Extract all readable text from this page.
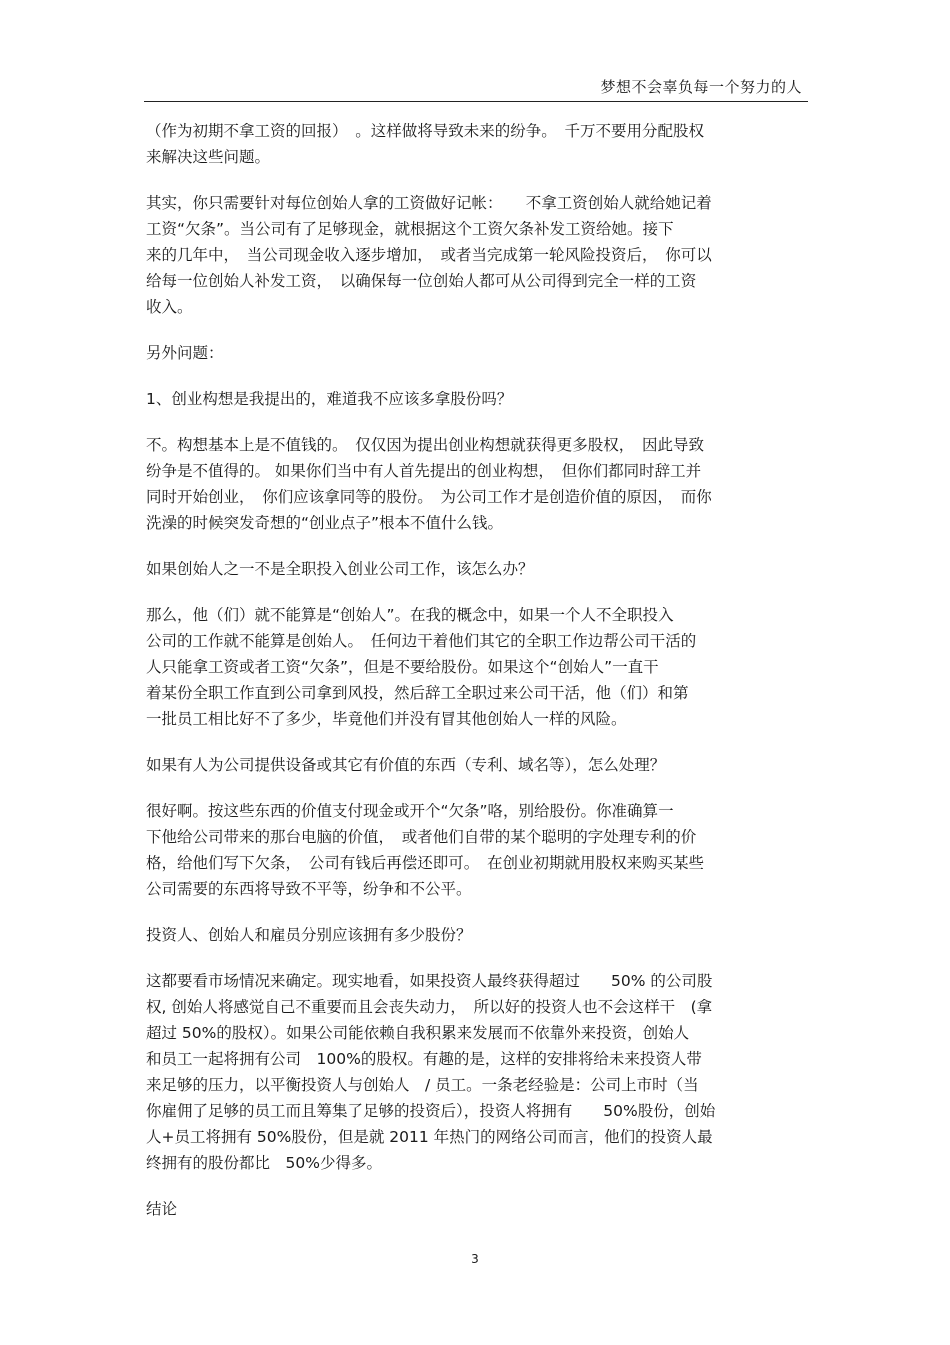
梦想不会辜负每一个努力的人

（作为初期不拿工资的回报）　。这样做将导致未来的纷争。　千万不要用分配股权
来解决这些问题。

其实，你只需要针对每位创始人拿的工资做好记帐：　　不拿工资创始人就给她记着
工资“欠条”。当公司有了足够现金，就根据这个工资欠条补发工资给她。接下
来的几年中，　当公司现金收入逐步增加，　或者当完成第一轮风险投资后，　你可以
给每一位创始人补发工资，　以确保每一位创始人都可从公司得到完全一样的工资
收入。

另外问题：

1、创业构想是我提出的，难道我不应该多拿股份吗？

不。构想基本上是不值钱的。　仅仅因为提出创业构想就获得更多股权，　因此导致
纷争是不值得的。 如果你们当中有人首先提出的创业构想，　但你们都同时辞工并
同时开始创业，　你们应该拿同等的股份。　为公司工作才是创造价值的原因，　而你
洗澡的时候突发奇想的“创业点子”根本不值什么钱。

如果创始人之一不是全职投入创业公司工作，该怎么办？

那么，他（们）就不能算是“创始人”。在我的概念中，如果一个人不全职投入
公司的工作就不能算是创始人。　任何边干着他们其它的全职工作边帮公司干活的
人只能拿工资或者工资“欠条”，但是不要给股份。如果这个“创始人”一直干
着某份全职工作直到公司拿到风投，然后辞工全职过来公司干活，他（们）和第
一批员工相比好不了多少，毕竟他们并没有冒其他创始人一样的风险。

如果有人为公司提供设备或其它有价值的东西（专利、域名等），怎么处理？

很好啊。按这些东西的价值支付现金或开个“欠条”咯，别给股份。你准确算一
下他给公司带来的那台电脑的价值，　或者他们自带的某个聪明的字处理专利的价
格，给他们写下欠条，　公司有钱后再偿还即可。　在创业初期就用股权来购买某些
公司需要的东西将导致不平等，纷争和不公平。

投资人、创始人和雇员分别应该拥有多少股份？

这都要看市场情况来确定。现实地看，如果投资人最终获得超过　　50% 的公司股
权, 创始人将感觉自己不重要而且会丧失动力，　所以好的投资人也不会这样干　(拿
超过 50%的股权）。如果公司能依赖自我积累来发展而不依靠外来投资，创始人
和员工一起将拥有公司　100%的股权。有趣的是，这样的安排将给未来投资人带
来足够的压力，以平衡投资人与创始人　/ 员工。一条老经验是：公司上市时（当
你雇佣了足够的员工而且筹集了足够的投资后），投资人将拥有　　50%股份，创始
人+员工将拥有 50%股份，但是就 2011 年热门的网络公司而言，他们的投资人最
终拥有的股份都比　50%少得多。

结论

3
